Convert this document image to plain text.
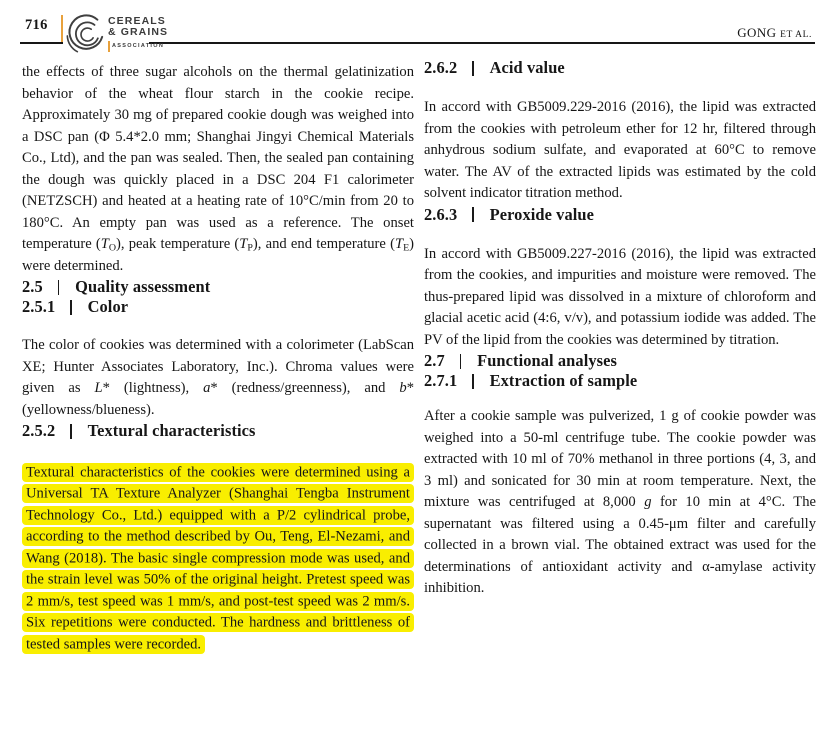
716	CEREALS
& GRAINS
ASSOCIATION
GONG ET AL.

the effects of three sugar alcohols on the thermal gelatinization behavior of the wheat flour starch in the cookie recipe. Approximately 30 mg of prepared cookie dough was weighed into a DSC pan (Φ 5.4*2.0 mm; Shanghai Jingyi Chemical Materials Co., Ltd), and the pan was sealed. Then, the sealed pan containing the dough was quickly placed in a DSC 204 F1 calorimeter (NETZSCH) and heated at a heating rate of 10°C/min from 20 to 180°C. An empty pan was used as a reference. The onset temperature $(T_O)$, peak temperature $(T_P)$, and end temperature $(T_E)$ were determined.

2.5 Quality assessment
2.5.1 Color

The color of cookies was determined with a colorimeter (LabScan XE; Hunter Associates Laboratory, Inc.). Chroma values were given as L* (lightness), a* (redness/greenness), and b* (yellowness/blueness).

2.5.2 Textural characteristics

Textural characteristics of the cookies were determined using a Universal TA Texture Analyzer (Shanghai Tengba Instrument Technology Co., Ltd.) equipped with a P/2 cylindrical probe, according to the method described by Ou, Teng, El-Nezami, and Wang (2018). The basic single compression mode was used, and the strain level was 50% of the original height. Pretest speed was 2 mm/s, test speed was 1 mm/s, and post-test speed was 2 mm/s. Six repetitions were conducted. The hardness and brittleness of tested samples were recorded.

2.6.2 Acid value

In accord with GB5009.229-2016 (2016), the lipid was extracted from the cookies with petroleum ether for 12 hr, filtered through anhydrous sodium sulfate, and evaporated at 60°C to remove water. The AV of the extracted lipids was estimated by the cold solvent indicator titration method.

2.6.3 Peroxide value

In accord with GB5009.227-2016 (2016), the lipid was extracted from the cookies, and impurities and moisture were removed. The thus-prepared lipid was dissolved in a mixture of chloroform and glacial acetic acid (4:6, v/v), and potassium iodide was added. The PV of the lipid from the cookies was determined by titration.

2.7 Functional analyses
2.7.1 Extraction of sample

After a cookie sample was pulverized, 1 g of cookie powder was weighed into a 50-ml centrifuge tube. The cookie powder was extracted with 10 ml of 70% methanol in three portions (4, 3, and 3 ml) and sonicated for 30 min at room temperature. Next, the mixture was centrifuged at 8,000 g for 10 min at 4°C. The supernatant was filtered using a 0.45-μm filter and carefully collected in a brown vial. The obtained extract was used for the determinations of antioxidant activity and α-amylase activity inhibition.
